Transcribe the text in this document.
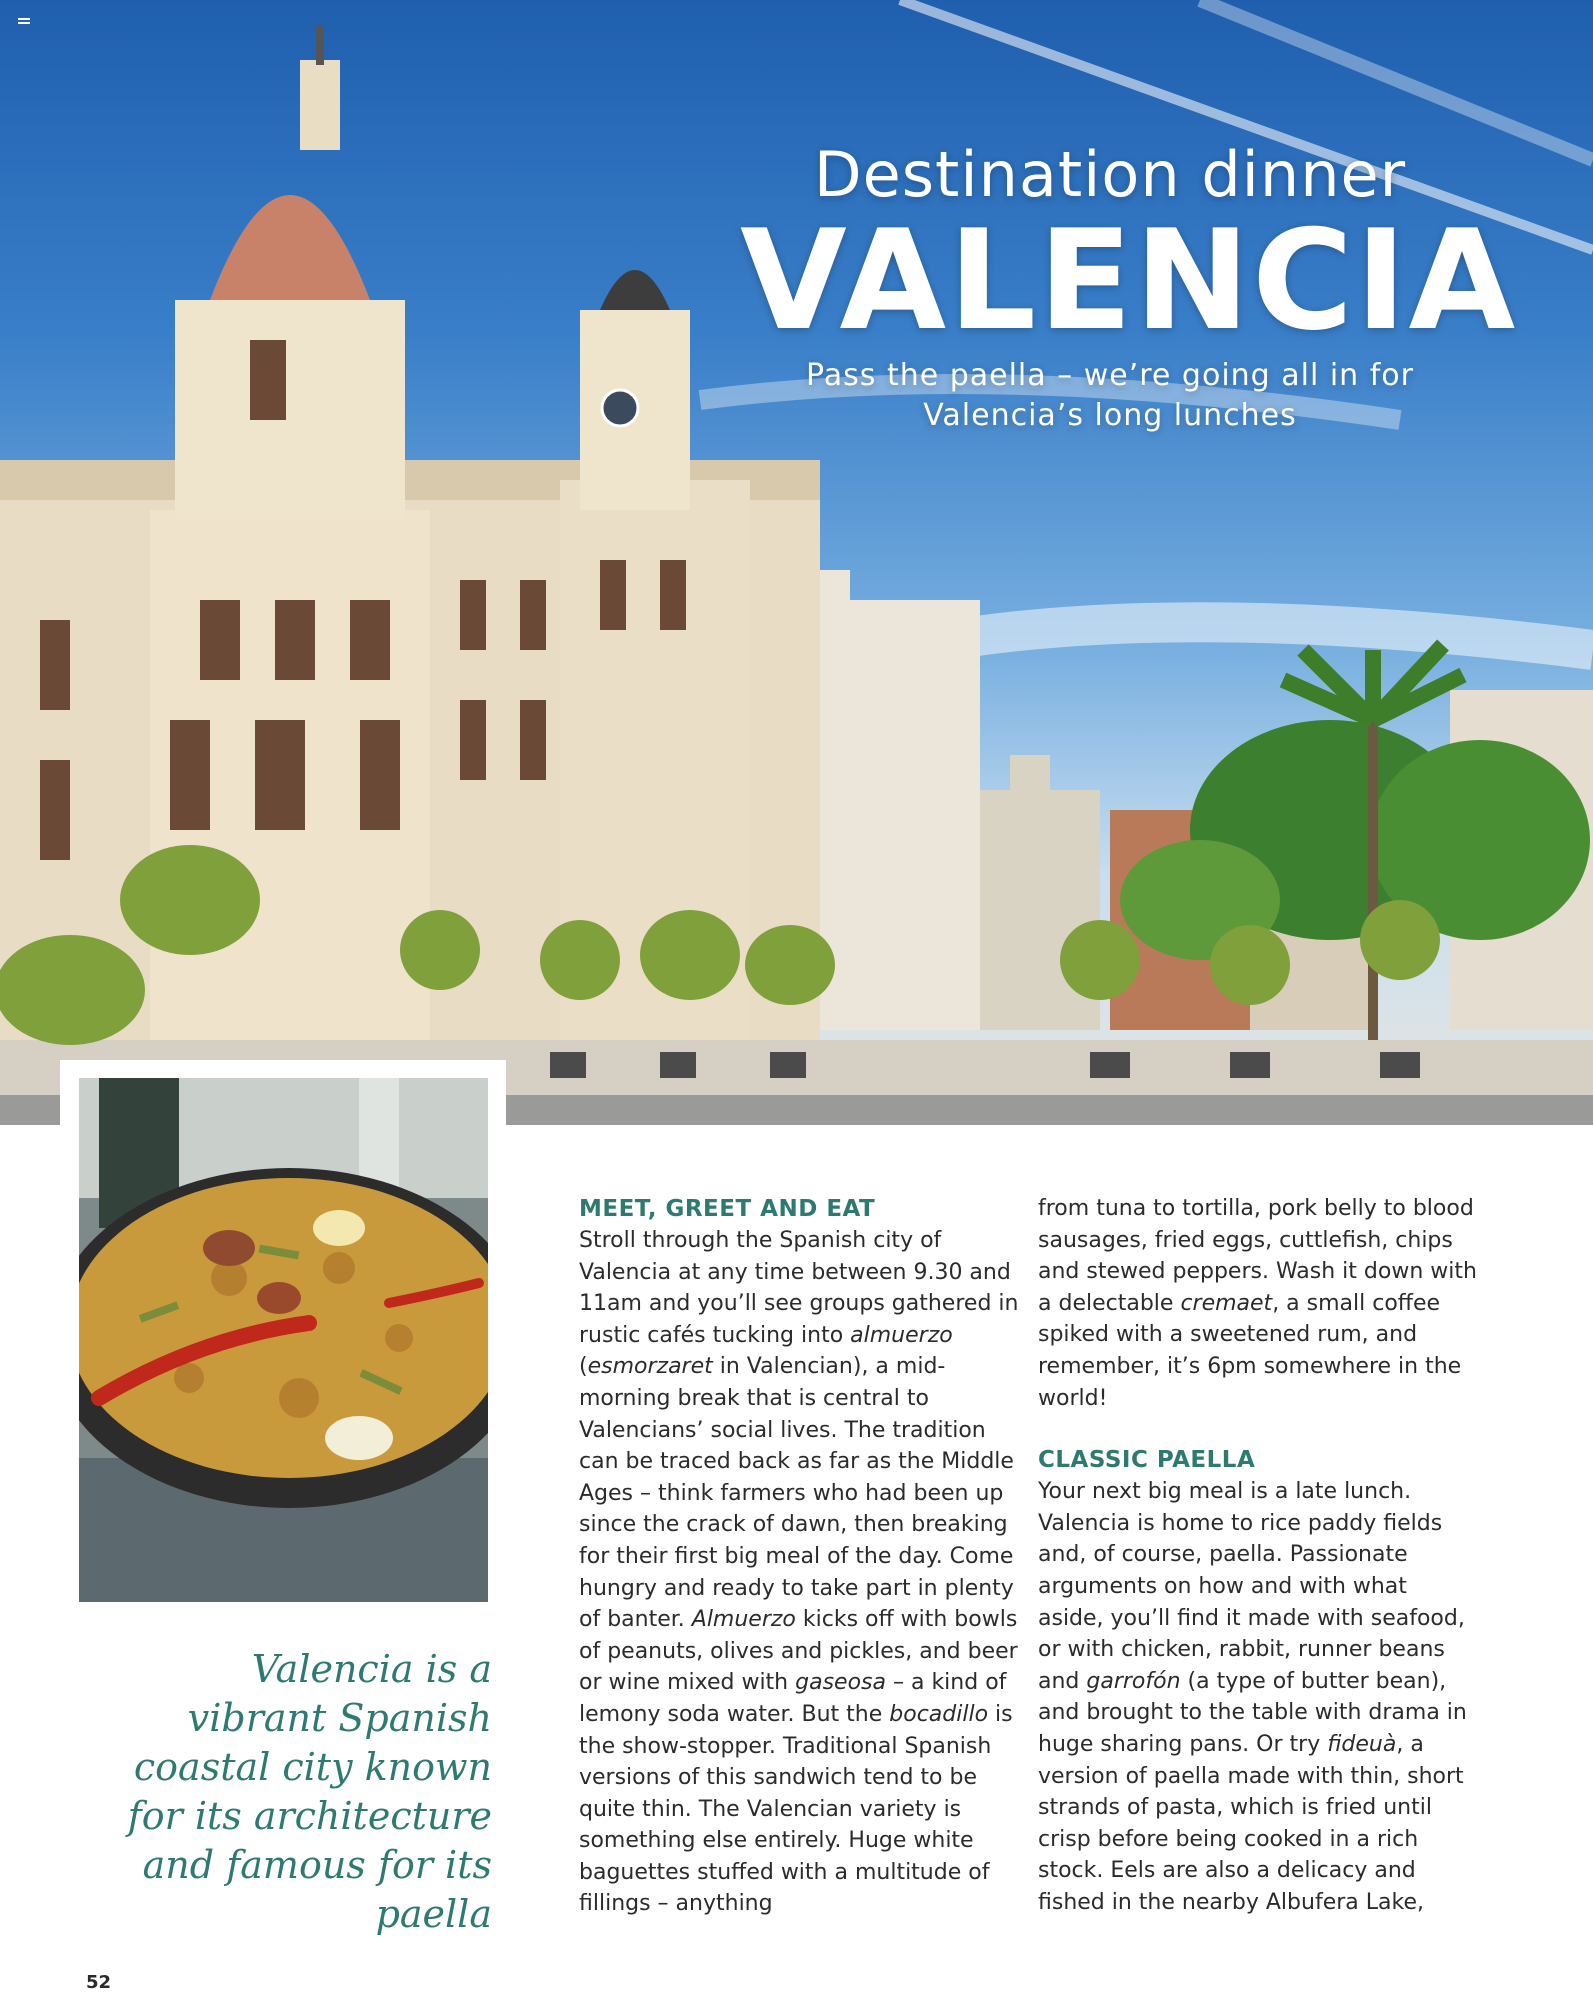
Destination dinner
VALENCIA
Pass the paella – we’re going all in for Valencia’s long lunches
Valencia is a vibrant Spanish coastal city known for its architecture and famous for its paella
MEET, GREET AND EAT

Stroll through the Spanish city of Valencia at any time between 9.30 and 11am and you’ll see groups gathered in rustic cafés tucking into almuerzo (esmorzaret in Valencian), a mid-morning break that is central to Valencians’ social lives. The tradition can be traced back as far as the Middle Ages – think farmers who had been up since the crack of dawn, then breaking for their first big meal of the day. Come hungry and ready to take part in plenty of banter. Almuerzo kicks off with bowls of peanuts, olives and pickles, and beer or wine mixed with gaseosa – a kind of lemony soda water. But the bocadillo is the show-stopper. Traditional Spanish versions of this sandwich tend to be quite thin. The Valencian variety is something else entirely. Huge white baguettes stuffed with a multitude of fillings – anything

from tuna to tortilla, pork belly to blood sausages, fried eggs, cuttlefish, chips and stewed peppers. Wash it down with a delectable cremaet, a small coffee spiked with a sweetened rum, and remember, it’s 6pm somewhere in the world!

CLASSIC PAELLA

Your next big meal is a late lunch. Valencia is home to rice paddy fields and, of course, paella. Passionate arguments on how and with what aside, you’ll find it made with seafood, or with chicken, rabbit, runner beans and garrofón (a type of butter bean), and brought to the table with drama in huge sharing pans. Or try fideuà, a version of paella made with thin, short strands of pasta, which is fried until crisp before being cooked in a rich stock. Eels are also a delicacy and fished in the nearby Albufera Lake,

52
